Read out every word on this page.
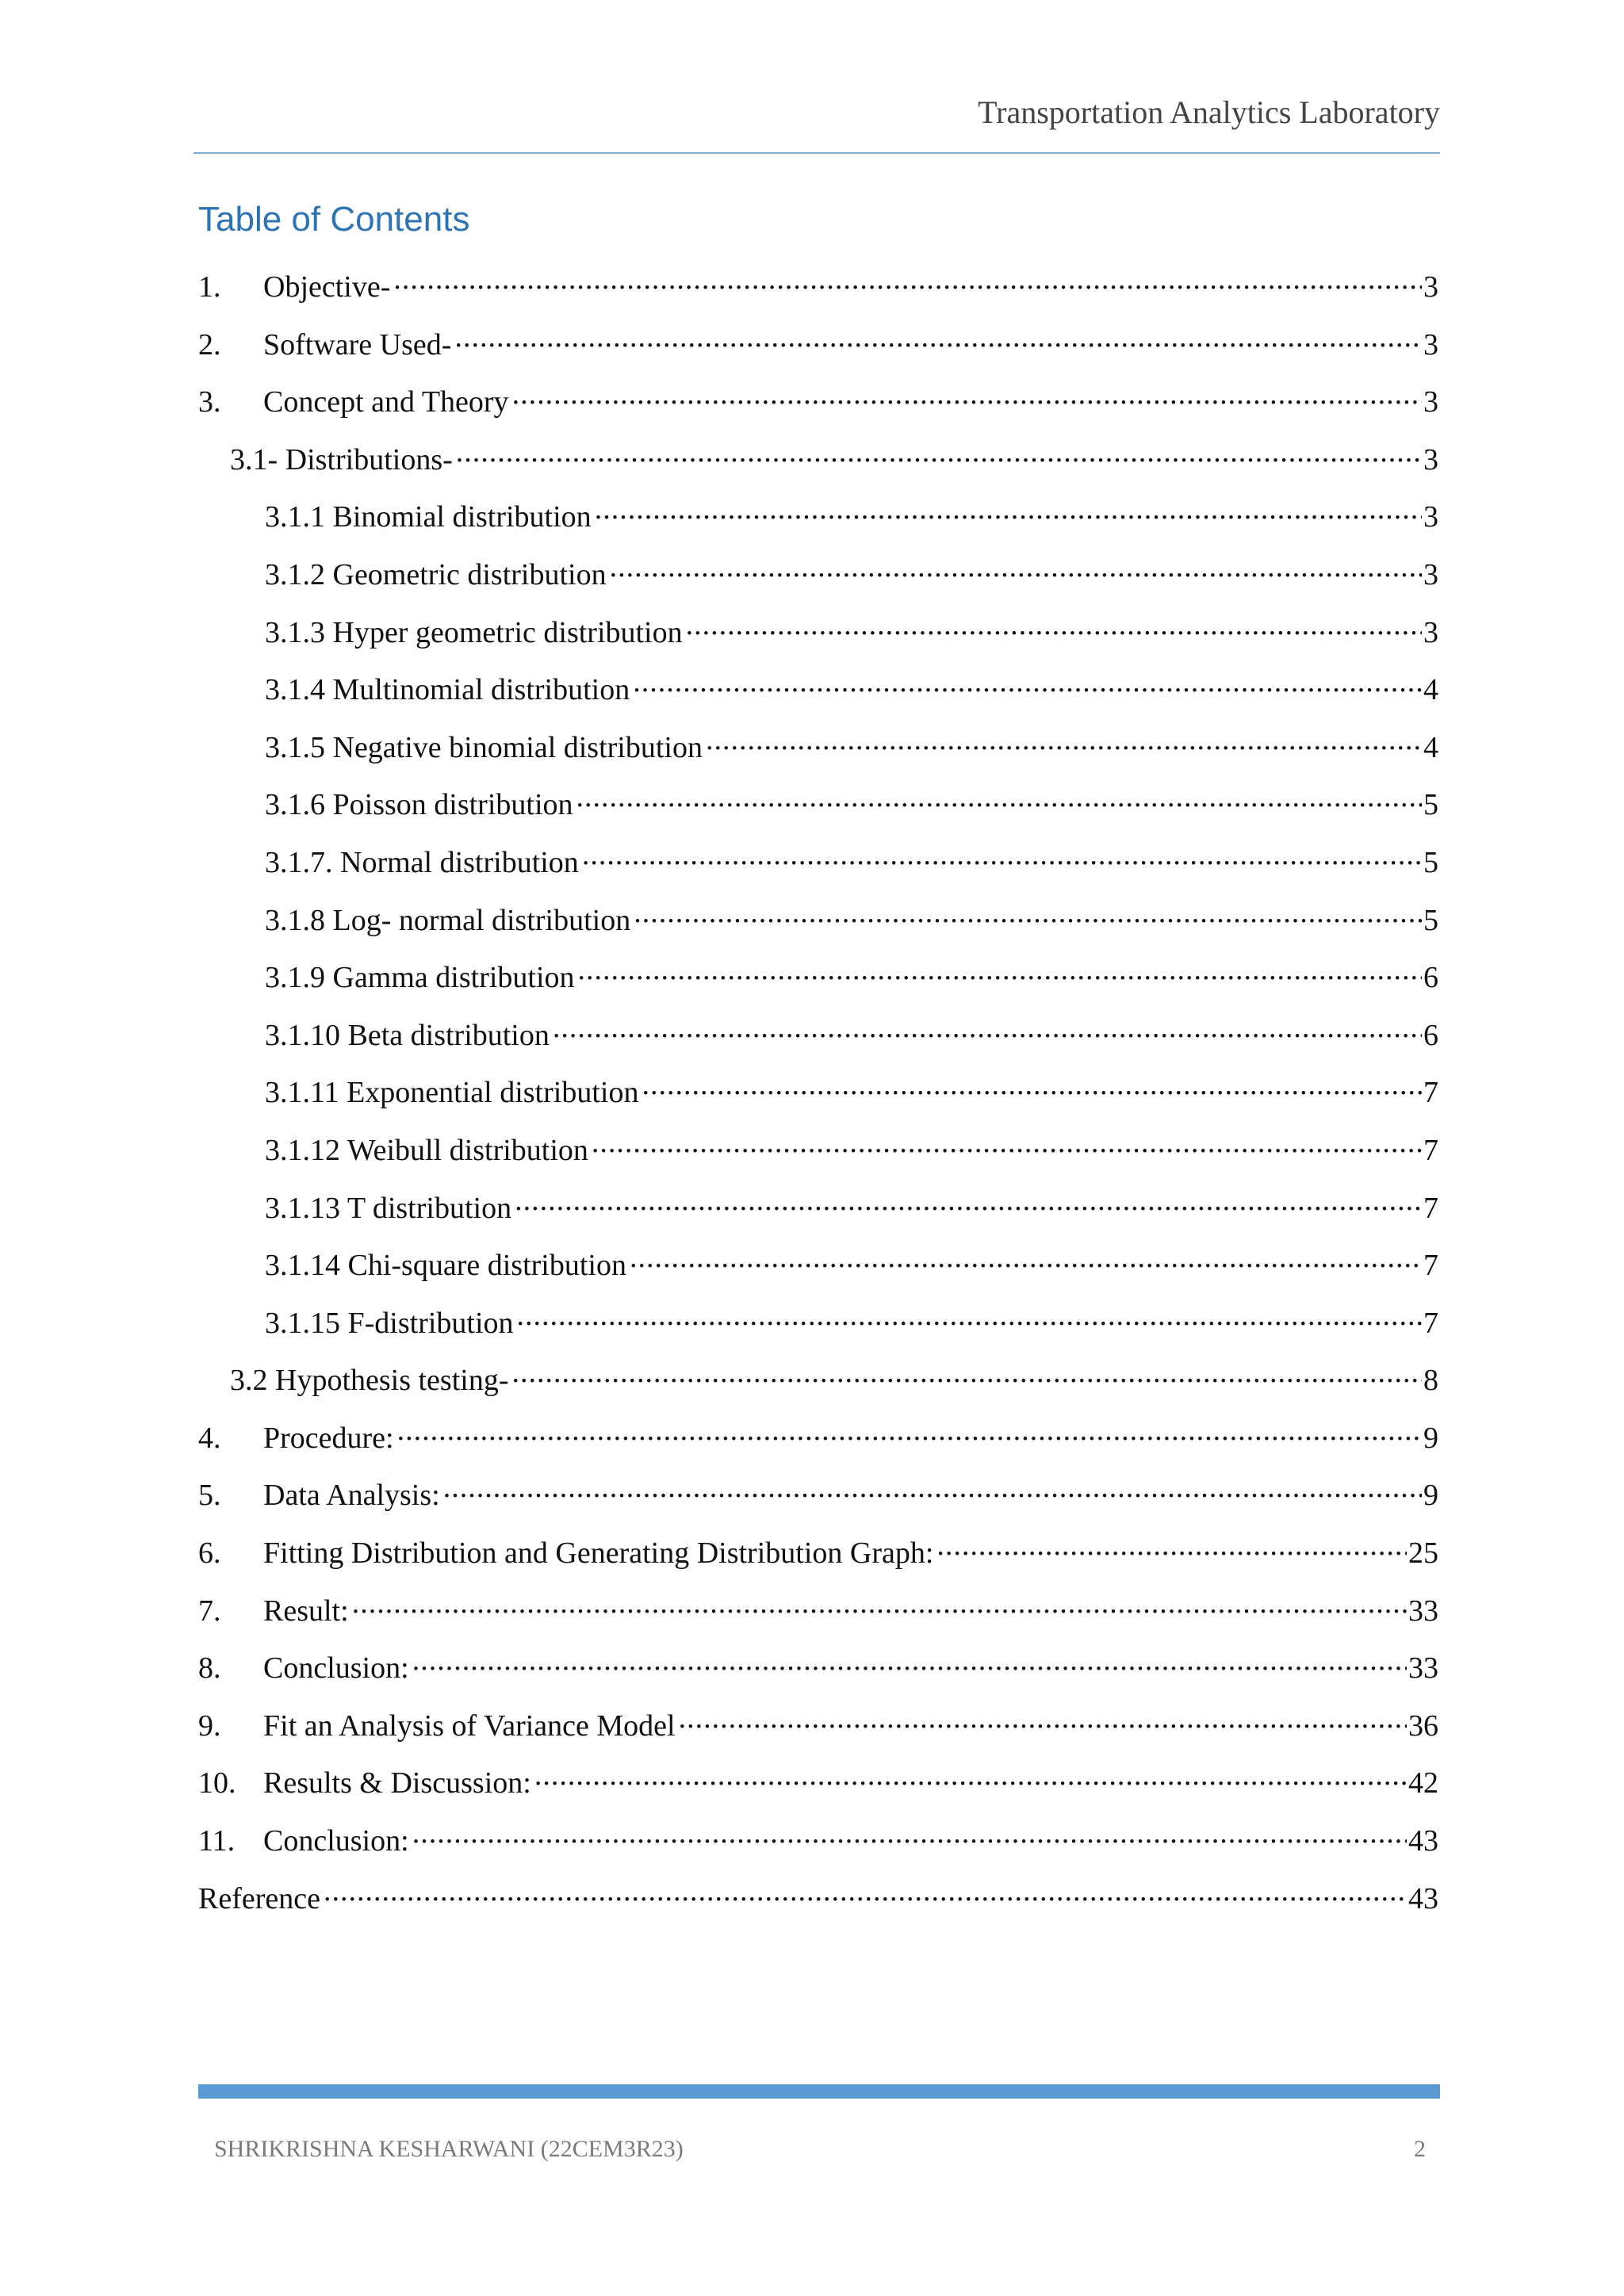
Transportation Analytics Laboratory
Table of Contents
1.	Objective- .....	3
2.	Software Used- .....	3
3.	Concept and Theory .....	3
3.1- Distributions- .....	3
3.1.1 Binomial distribution .....	3
3.1.2 Geometric distribution .....	3
3.1.3 Hyper geometric distribution .....	3
3.1.4 Multinomial distribution .....	4
3.1.5 Negative binomial distribution .....	4
3.1.6 Poisson distribution .....	5
3.1.7. Normal distribution .....	5
3.1.8 Log- normal distribution .....	5
3.1.9 Gamma distribution .....	6
3.1.10 Beta distribution .....	6
3.1.11 Exponential distribution .....	7
3.1.12 Weibull distribution .....	7
3.1.13 T distribution .....	7
3.1.14 Chi-square distribution .....	7
3.1.15 F-distribution .....	7
3.2 Hypothesis testing- .....	8
4.	Procedure: .....	9
5.	Data Analysis: .....	9
6.	Fitting Distribution and Generating Distribution Graph: .....	25
7.	Result: .....	33
8.	Conclusion: .....	33
9.	Fit an Analysis of Variance Model .....	36
10. Results & Discussion: .....	42
11. Conclusion: .....	43
Reference .....	43
SHRIKRISHNA KESHARWANI (22CEM3R23)	2
